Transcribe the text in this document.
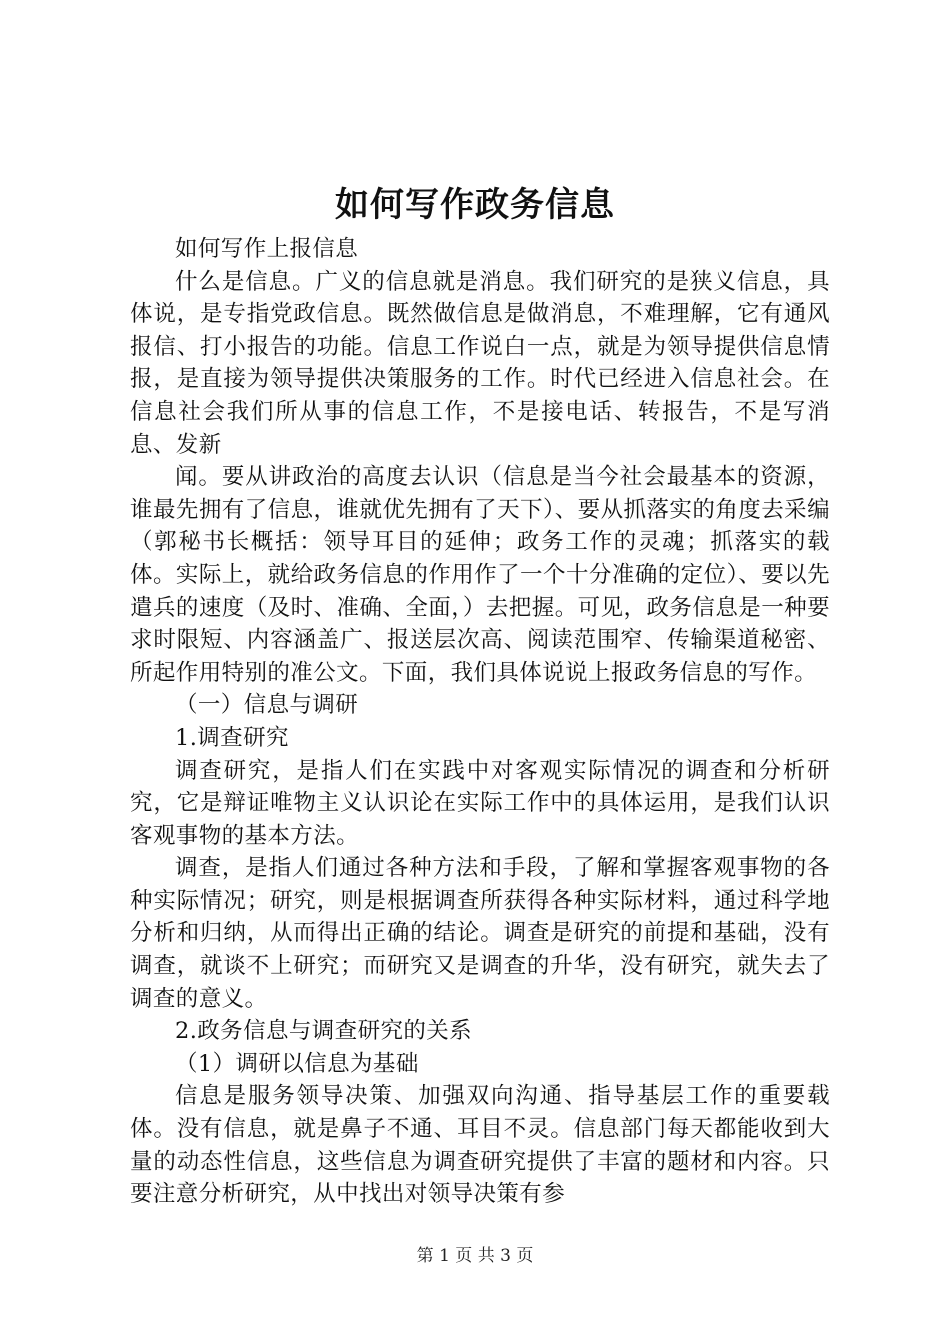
如何写作政务信息

如何写作上报信息

什么是信息。广义的信息就是消息。我们研究的是狭义信息，具体说，是专指党政信息。既然做信息是做消息，不难理解，它有通风报信、打小报告的功能。信息工作说白一点，就是为领导提供信息情报，是直接为领导提供决策服务的工作。时代已经进入信息社会。在信息社会我们所从事的信息工作，不是接电话、转报告，不是写消息、发新

闻。要从讲政治的高度去认识（信息是当今社会最基本的资源，谁最先拥有了信息，谁就优先拥有了天下）、要从抓落实的角度去采编（郭秘书长概括：领导耳目的延伸；政务工作的灵魂；抓落实的载体。实际上，就给政务信息的作用作了一个十分准确的定位）、要以先遣兵的速度（及时、准确、全面，）去把握。可见，政务信息是一种要求时限短、内容涵盖广、报送层次高、阅读范围窄、传输渠道秘密、所起作用特别的准公文。下面，我们具体说说上报政务信息的写作。

（一）信息与调研

1.调查研究

调查研究，是指人们在实践中对客观实际情况的调查和分析研究，它是辩证唯物主义认识论在实际工作中的具体运用，是我们认识客观事物的基本方法。

调查，是指人们通过各种方法和手段，了解和掌握客观事物的各种实际情况；研究，则是根据调查所获得各种实际材料，通过科学地分析和归纳，从而得出正确的结论。调查是研究的前提和基础，没有调查，就谈不上研究；而研究又是调查的升华，没有研究，就失去了调查的意义。

2.政务信息与调查研究的关系

（1）调研以信息为基础

信息是服务领导决策、加强双向沟通、指导基层工作的重要载体。没有信息，就是鼻子不通、耳目不灵。信息部门每天都能收到大量的动态性信息，这些信息为调查研究提供了丰富的题材和内容。只要注意分析研究，从中找出对领导决策有参

第 1 页 共 3 页
